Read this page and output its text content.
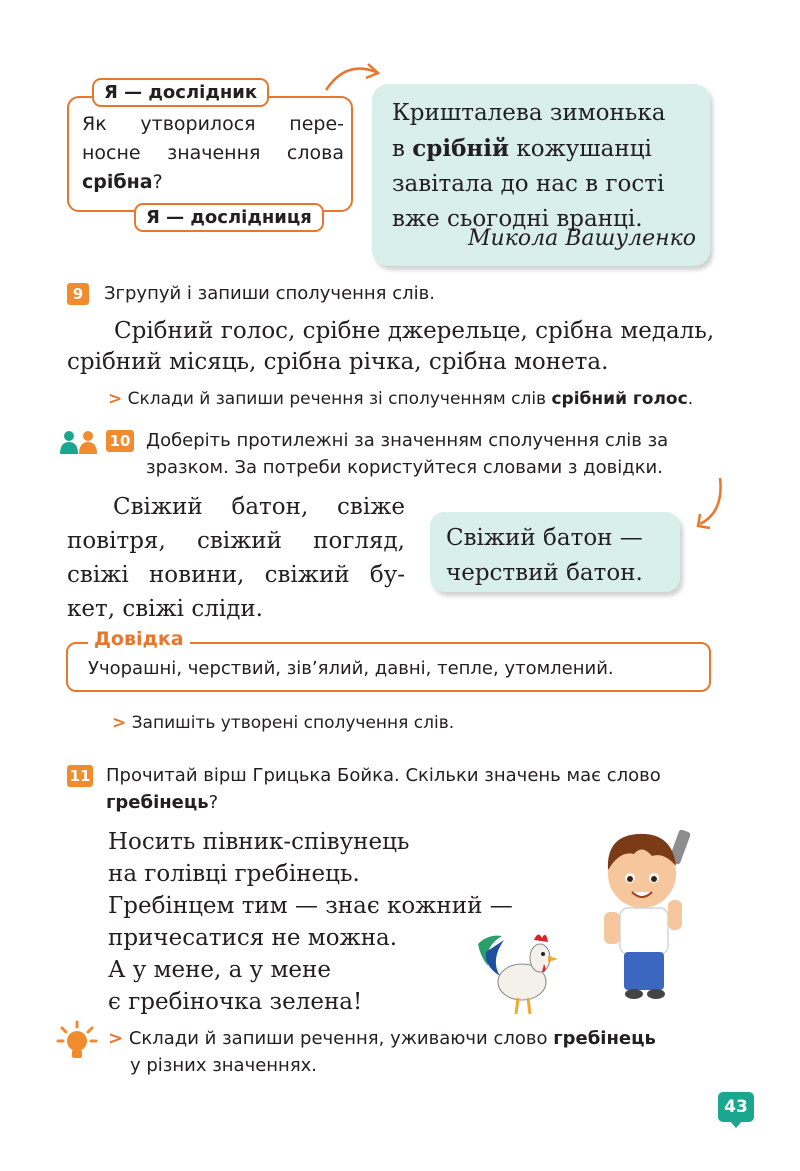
Я — дослідник
Як утворилося пере-
носне значення слова
срібна?
Я — дослідниця
Кришталева зимонька
в срібній кожушанці
завітала до нас в гості
вже сьогодні вранці.
Микола Вашуленко
9	Згрупуй і запиши сполучення слів.
Срібний голос, срібне джерельце, срібна медаль,
срібний місяць, срібна річка, срібна монета.
> Склади й запиши речення зі сполученням слів срібний голос.
10 Доберіть протилежні за значенням сполучення слів за
зразком. За потреби користуйтеся словами з довідки.
Свіжий батон, свіже
повітря, свіжий погляд,
свіжі новини, свіжий бу-
кет, свіжі сліди.
Свіжий батон —
черствий батон.
Довідка
Учорашні, черствий, зів’ялий, давні, тепле, утомлений.
> Запишіть утворені сполучення слів.
11 Прочитай вірш Грицька Бойка. Скільки значень має слово
гребінець?
Носить півник-співунець
на голівці гребінець.
Гребінцем тим — знає кожний —
причесатися не можна.
А у мене, а у мене
є гребіночка зелена!
> Склади й запиши речення, уживаючи слово гребінець
у різних значеннях.
43
